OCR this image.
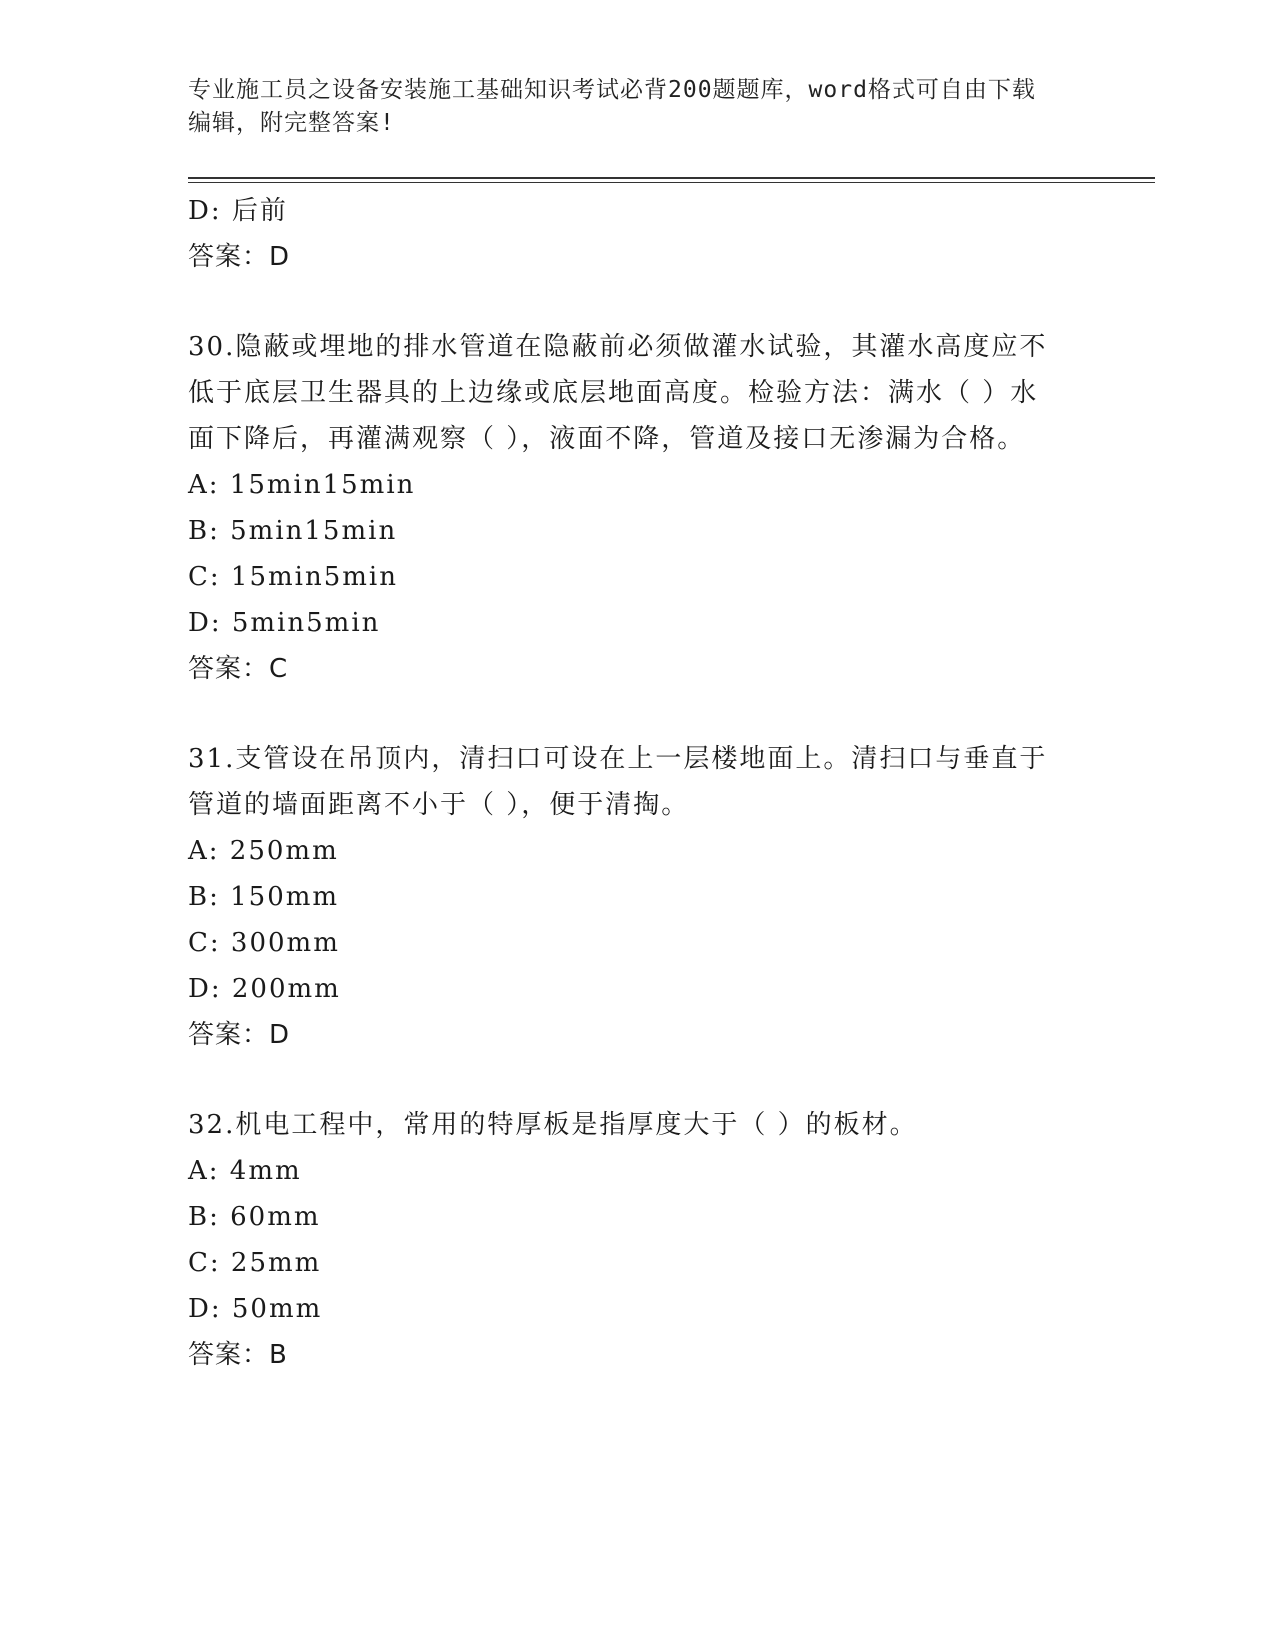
专业施工员之设备安装施工基础知识考试必背200题题库，word格式可自由下载
编辑，附完整答案!
D: 后前
答案：D
30.隐蔽或埋地的排水管道在隐蔽前必须做灌水试验，其灌水高度应不
低于底层卫生器具的上边缘或底层地面高度。检验方法：满水（ ）水
面下降后，再灌满观察（ ），液面不降，管道及接口无渗漏为合格。
A: 15min15min
B: 5min15min
C: 15min5min
D: 5min5min
答案：C
31.支管设在吊顶内，清扫口可设在上一层楼地面上。清扫口与垂直于
管道的墙面距离不小于（ ），便于清掏。
A: 250mm
B: 150mm
C: 300mm
D: 200mm
答案：D
32.机电工程中，常用的特厚板是指厚度大于（ ）的板材。
A: 4mm
B: 60mm
C: 25mm
D: 50mm
答案：B
